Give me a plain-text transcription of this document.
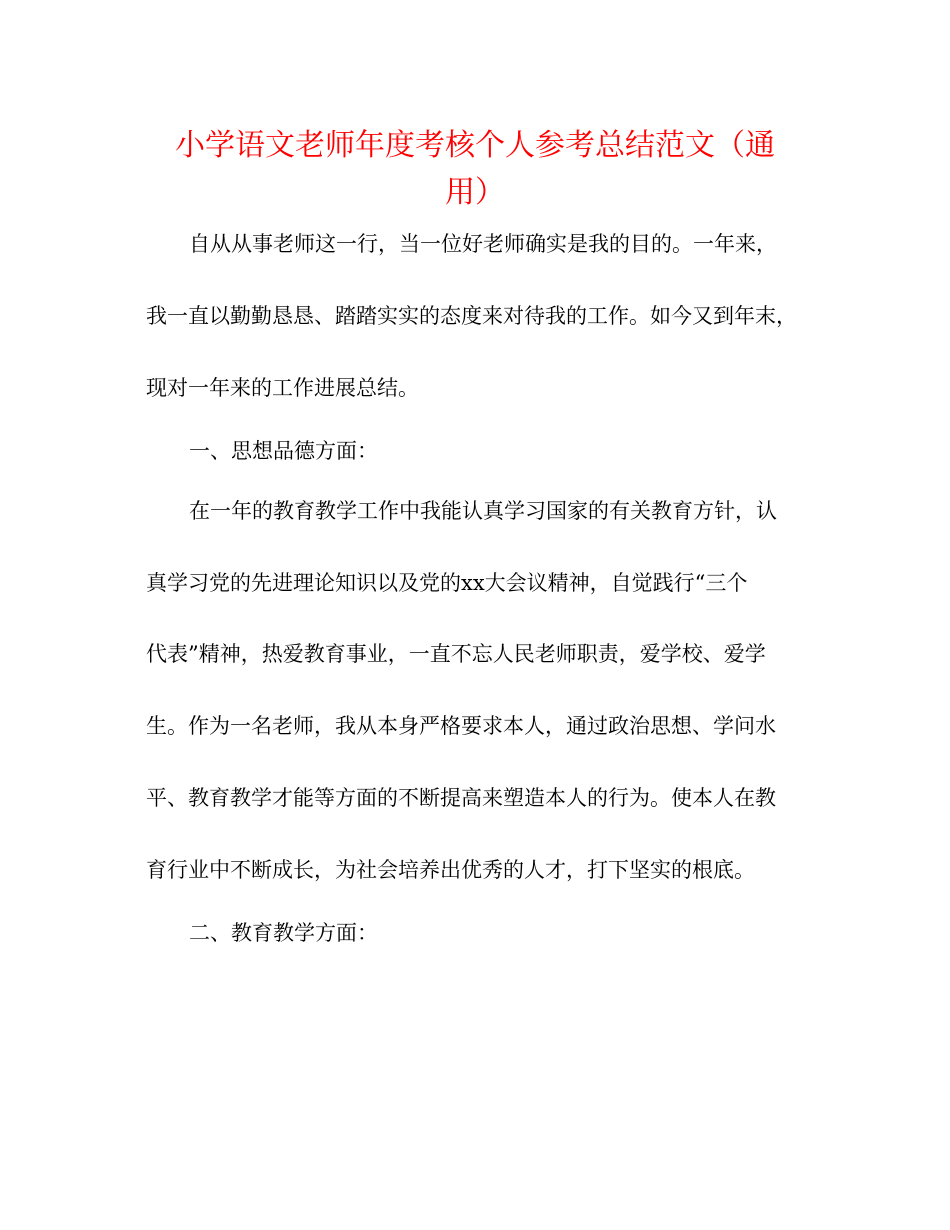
小学语文老师年度考核个人参考总结范文（通
用）

自从从事老师这一行，当一位好老师确实是我的目的。一年来，

我一直以勤勤恳恳、踏踏实实的态度来对待我的工作。如今又到年末，

现对一年来的工作进展总结。

一、思想品德方面：

在一年的教育教学工作中我能认真学习国家的有关教育方针，认

真学习党的先进理论知识以及党的xx大会议精神，自觉践行“三个

代表”精神，热爱教育事业，一直不忘人民老师职责，爱学校、爱学

生。作为一名老师，我从本身严格要求本人，通过政治思想、学问水

平、教育教学才能等方面的不断提高来塑造本人的行为。使本人在教

育行业中不断成长，为社会培养出优秀的人才，打下坚实的根底。

二、教育教学方面：
